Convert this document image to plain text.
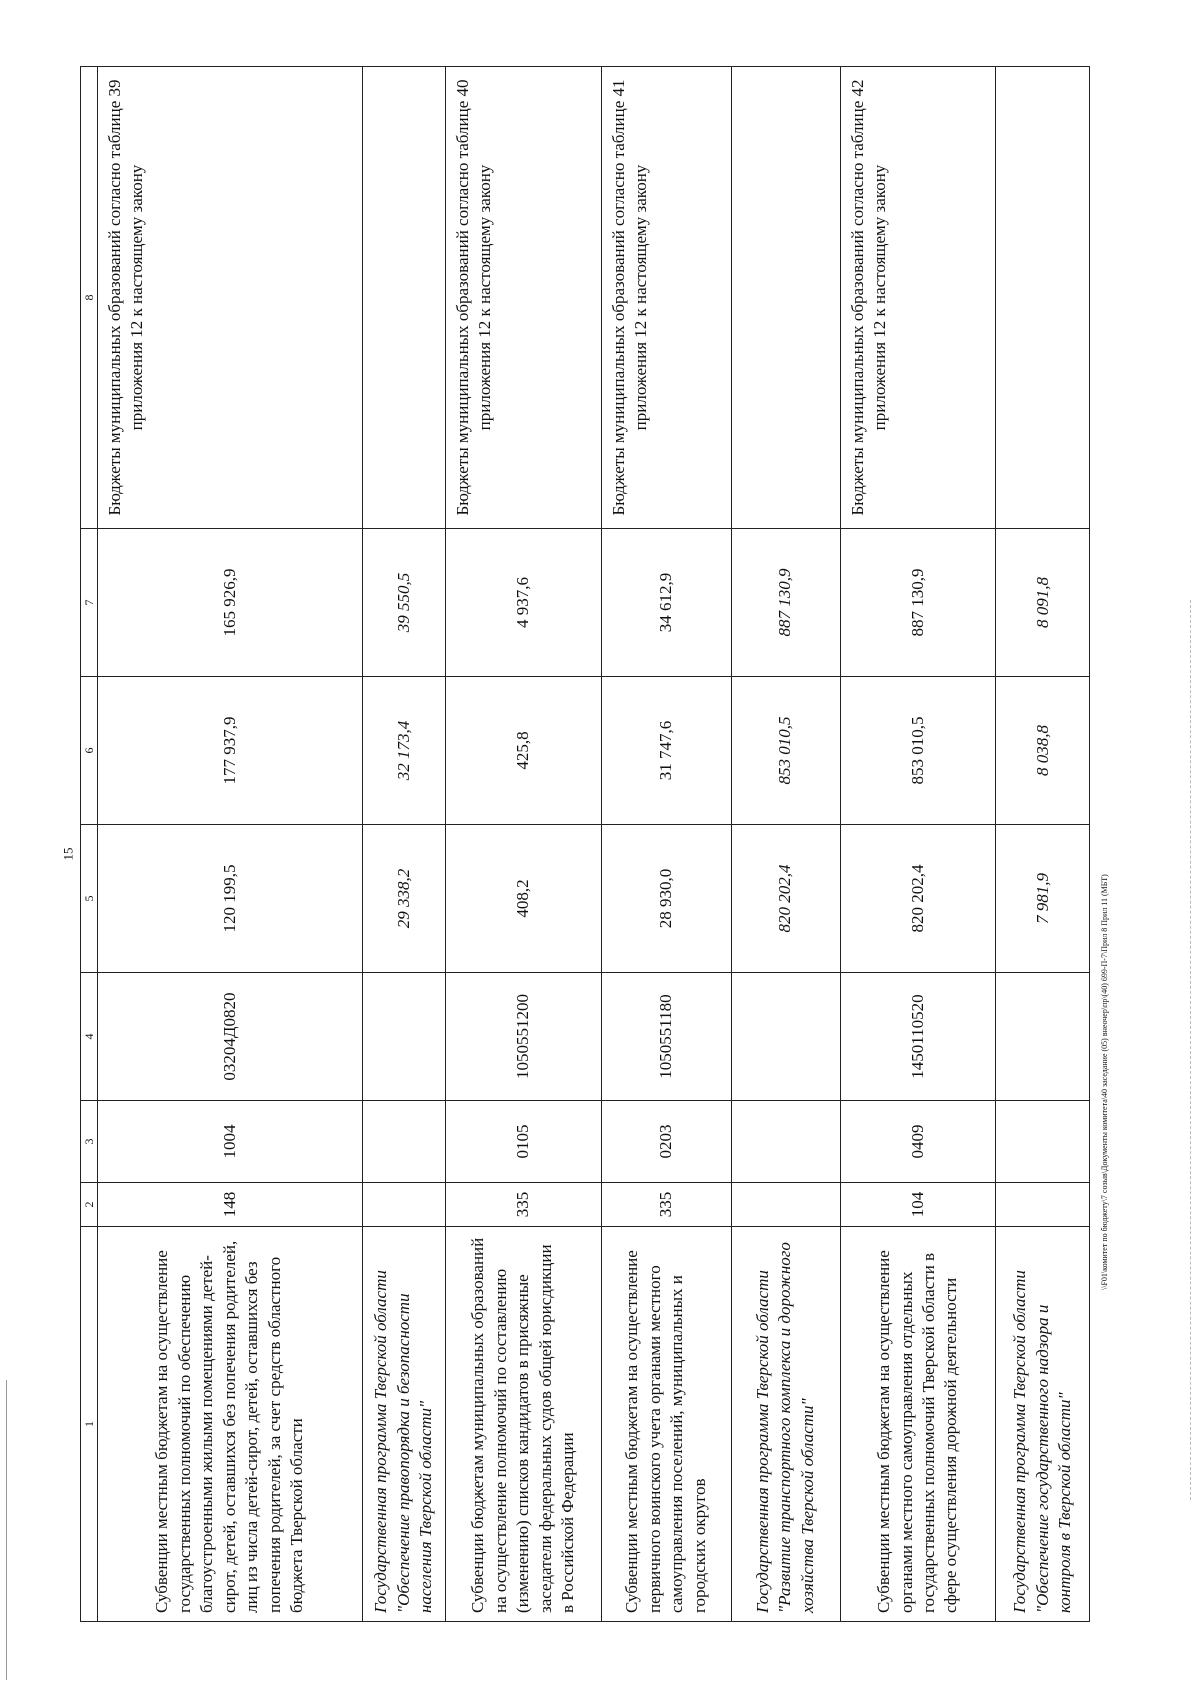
15
1	2	3	4	5	6	7	8
Субвенции местным бюджетам на осуществление государственных полномочий по обеспечению благоустроенными жилыми помещениями детей-сирот, детей, оставшихся без попечения родителей, лиц из числа детей-сирот, детей, оставшихся без попечения родителей, за счет средств областного бюджета Тверской области	148	1004	03204Д0820	120 199,5	177 937,9	165 926,9	Бюджеты муниципальных образований согласно таблице 39 приложения 12 к настоящему закону
Государственная программа Тверской области "Обеспечение правопорядка и безопасности населения Тверской области"				29 338,2	32 173,4	39 550,5	
Субвенции бюджетам муниципальных образований на осуществление полномочий по составлению (изменению) списков кандидатов в присяжные заседатели федеральных судов общей юрисдикции в Российской Федерации	335	0105	1050551200	408,2	425,8	4 937,6	Бюджеты муниципальных образований согласно таблице 40 приложения 12 к настоящему закону
Субвенции местным бюджетам на осуществление первичного воинского учета органами местного самоуправления поселений, муниципальных и городских округов	335	0203	1050551180	28 930,0	31 747,6	34 612,9	Бюджеты муниципальных образований согласно таблице 41 приложения 12 к настоящему закону
Государственная программа Тверской области "Развитие транспортного комплекса и дорожного хозяйства Тверской области"				820 202,4	853 010,5	887 130,9	
Субвенции местным бюджетам на осуществление органами местного самоуправления отдельных государственных полномочий Тверской области в сфере осуществления дорожной деятельности	104	0409	1450110520	820 202,4	853 010,5	887 130,9	Бюджеты муниципальных образований согласно таблице 42 приложения 12 к настоящему закону
Государственная программа Тверской области "Обеспечение государственного надзора и контроля в Тверской области"				7 981,9	8 038,8	8 091,8	
\\F01\комитет по бюджету\7 созыв\Документы комитета\40 заседание (05) внеочер\пр\(40) 699-П-7\Прил 8 Прил 11 (МБТ)
